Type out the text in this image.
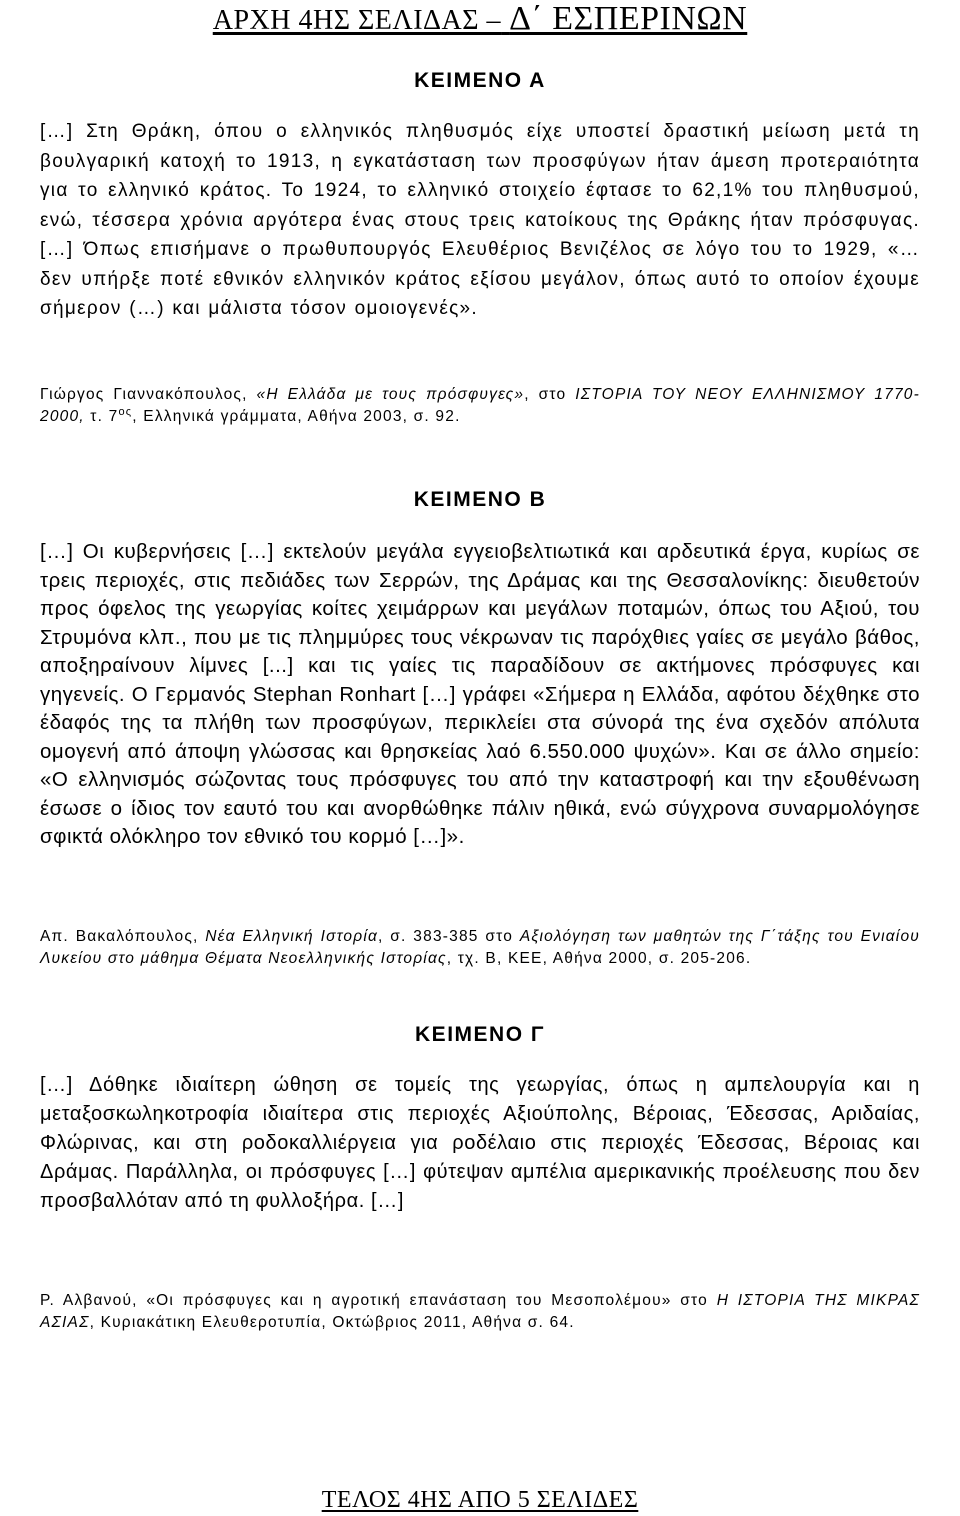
ΑΡΧΗ 4ΗΣ ΣΕΛΙΔΑΣ – Δ΄ ΕΣΠΕΡΙΝΩΝ
ΚΕΙΜΕΝΟ Α
[…] Στη Θράκη, όπου ο ελληνικός πληθυσμός είχε υποστεί δραστική μείωση μετά τη βουλγαρική κατοχή το 1913, η εγκατάσταση των προσφύγων ήταν άμεση προτεραιότητα για το ελληνικό κράτος. Το 1924, το ελληνικό στοιχείο έφτασε το 62,1% του πληθυσμού, ενώ, τέσσερα χρόνια αργότερα ένας στους τρεις κατοίκους της Θράκης ήταν πρόσφυγας. […] Όπως επισήμανε ο πρωθυπουργός Ελευθέριος Βενιζέλος σε λόγο του το 1929, «…δεν υπήρξε ποτέ εθνικόν ελληνικόν κράτος εξίσου μεγάλον, όπως αυτό το οποίον έχουμε σήμερον (…) και μάλιστα τόσον ομοιογενές».
Γιώργος Γιαννακόπουλος, «Η Ελλάδα με τους πρόσφυγες», στο ΙΣΤΟΡΙΑ ΤΟΥ ΝΕΟΥ ΕΛΛΗΝΙΣΜΟΥ 1770-2000, τ. $7^{o\varsigma}$, Ελληνικά γράμματα, Αθήνα 2003, σ. 92.
ΚΕΙΜΕΝΟ Β
[…] Οι κυβερνήσεις […] εκτελούν μεγάλα εγγειοβελτιωτικά και αρδευτικά έργα, κυρίως σε τρεις περιοχές, στις πεδιάδες των Σερρών, της Δράμας και της Θεσσαλονίκης: διευθετούν προς όφελος της γεωργίας κοίτες χειμάρρων και μεγάλων ποταμών, όπως του Αξιού, του Στρυμόνα κλπ., που με τις πλημμύρες τους νέκρωναν τις παρόχθιες γαίες σε μεγάλο βάθος, αποξηραίνουν λίμνες [...] και τις γαίες τις παραδίδουν σε ακτήμονες πρόσφυγες και γηγενείς. Ο Γερμανός Stephan Ronhart […] γράφει «Σήμερα η Ελλάδα, αφότου δέχθηκε στο έδαφός της τα πλήθη των προσφύγων, περικλείει στα σύνορά της ένα σχεδόν απόλυτα ομογενή από άποψη γλώσσας και θρησκείας λαό 6.550.000 ψυχών». Και σε άλλο σημείο: «Ο ελληνισμός σώζοντας τους πρόσφυγες του από την καταστροφή και την εξουθένωση έσωσε ο ίδιος τον εαυτό του και ανορθώθηκε πάλιν ηθικά, ενώ σύγχρονα συναρμολόγησε σφικτά ολόκληρο τον εθνικό του κορμό […]».
Απ. Βακαλόπουλος, Νέα Ελληνική Ιστορία, σ. 383-385 στο Αξιολόγηση των μαθητών της Γ΄τάξης του Ενιαίου Λυκείου στο μάθημα Θέματα Νεοελληνικής Ιστορίας, τχ. Β, ΚΕΕ, Αθήνα 2000, σ. 205-206.
ΚΕΙΜΕΝΟ Γ
[…] Δόθηκε ιδιαίτερη ώθηση σε τομείς της γεωργίας, όπως η αμπελουργία και η μεταξοσκωληκοτροφία ιδιαίτερα στις περιοχές Αξιούπολης, Βέροιας, Έδεσσας, Αριδαίας, Φλώρινας, και στη ροδοκαλλιέργεια για ροδέλαιο στις περιοχές Έδεσσας, Βέροιας και Δράμας. Παράλληλα, οι πρόσφυγες […] φύτεψαν αμπέλια αμερικανικής προέλευσης που δεν προσβαλλόταν από τη φυλλοξήρα. […]
Ρ. Αλβανού, «Οι πρόσφυγες και η αγροτική επανάσταση του Μεσοπολέμου» στο Η ΙΣΤΟΡΙΑ ΤΗΣ ΜΙΚΡΑΣ ΑΣΙΑΣ, Κυριακάτικη Ελευθεροτυπία, Οκτώβριος 2011, Αθήνα σ. 64.
ΤΕΛΟΣ 4ΗΣ ΑΠΟ 5 ΣΕΛΙΔΕΣ
